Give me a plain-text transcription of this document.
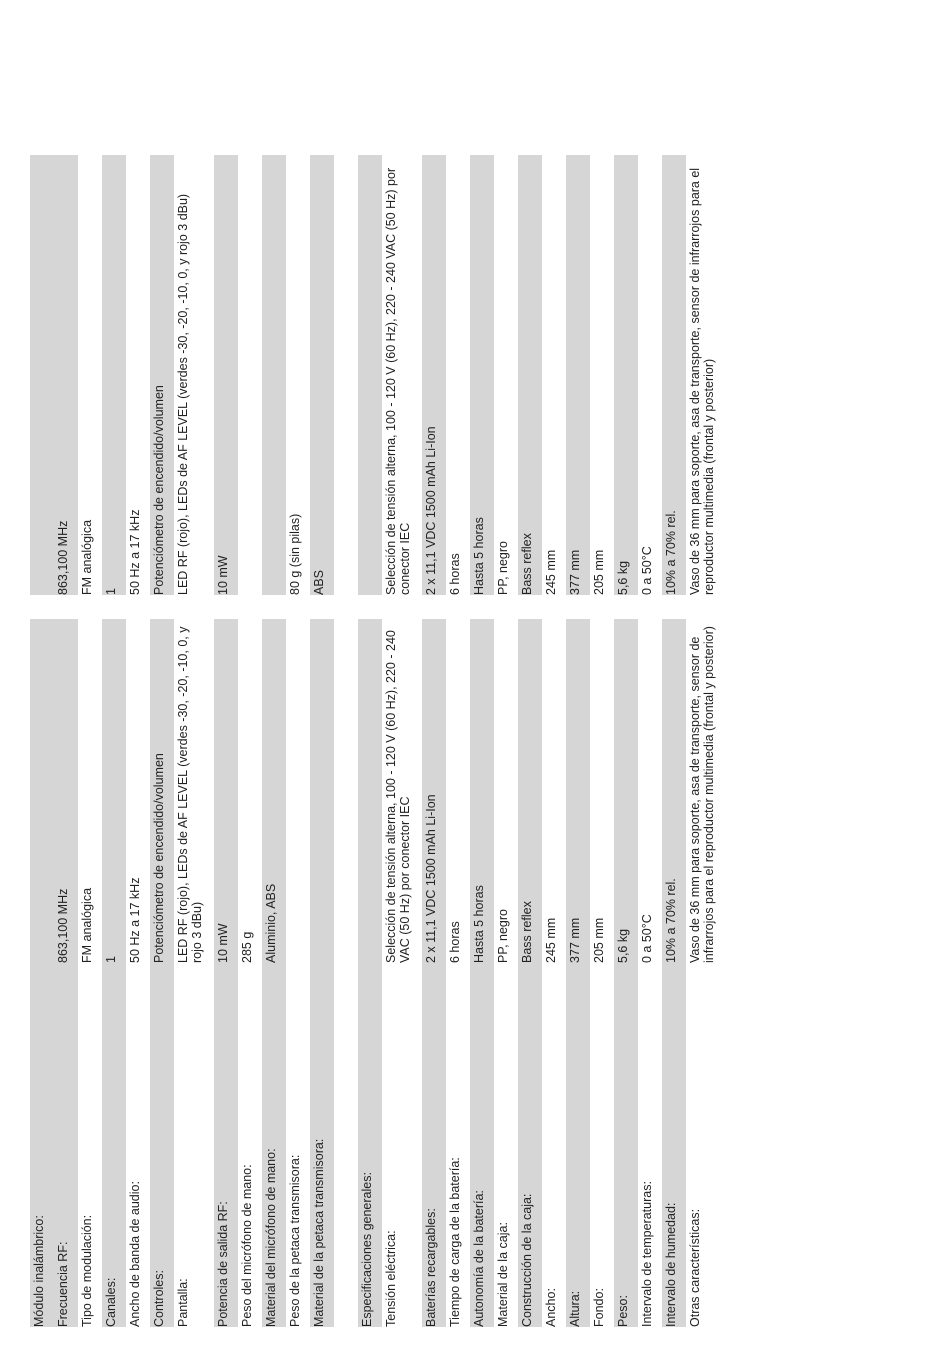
Módulo inalámbrico:			
Frecuencia RF:	863,100 MHz		863,100 MHz
Tipo de modulación:	FM analógica		FM analógica
Canales:	1		1
Ancho de banda de audio:	50 Hz a 17 kHz		50 Hz a 17 kHz
Controles:	Potenciómetro de encendido/volumen		Potenciómetro de encendido/volumen
Pantalla:	LED RF (rojo), LEDs de AF LEVEL (verdes -30, -20, -10, 0, y rojo 3 dBu)		LED RF (rojo), LEDs de AF LEVEL (verdes -30, -20, -10, 0, y rojo 3 dBu)
Potencia de salida RF:	10 mW		10 mW
Peso del micrófono de mano:	285 g		
Material del micrófono de mano:	Aluminio, ABS		
Peso de la petaca transmisora:			80 g (sin pilas)
Material de la petaca transmisora:			ABS

Especificaciones generales:			
Tensión eléctrica:	Selección de tensión alterna, 100 - 120 V (60 Hz), 220 - 240 VAC (50 Hz) por conector IEC		Selección de tensión alterna, 100 - 120 V (60 Hz), 220 - 240 VAC (50 Hz) por conector IEC
Baterías recargables:	2 x 11,1 VDC 1500 mAh Li-Ion		2 x 11,1 VDC 1500 mAh Li-Ion
Tiempo de carga de la batería:	6 horas		6 horas
Autonomía de la batería:	Hasta 5 horas		Hasta 5 horas
Material de la caja:	PP, negro		PP, negro
Construcción de la caja:	Bass reflex		Bass reflex
Ancho:	245 mm		245 mm
Altura:	377 mm		377 mm
Fondo:	205 mm		205 mm
Peso:	5,6 kg		5,6 kg
Intervalo de temperaturas:	0 a 50°C		0 a 50°C
Intervalo de humedad:	10% a 70% rel.		10% a 70% rel.
Otras características:	Vaso de 36 mm para soporte, asa de transporte, sensor de infrarrojos para el reproductor multimedia (frontal y posterior)		Vaso de 36 mm para soporte, asa de transporte, sensor de infrarrojos para el reproductor multimedia (frontal y posterior)
